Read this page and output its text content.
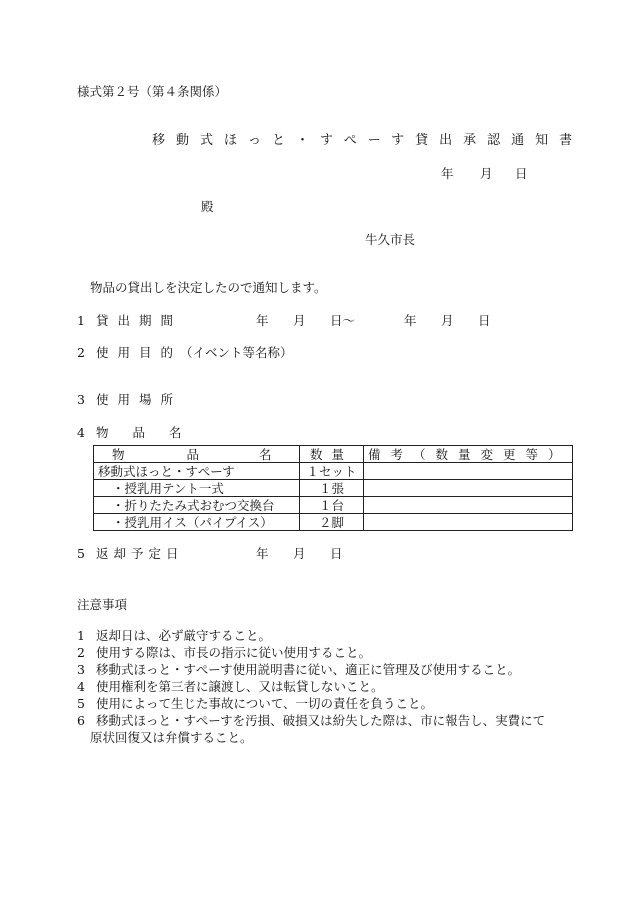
様式第２号（第４条関係）
移動式ほっと・すぺーす貸出承認通知書
年 月 日
殿
牛久市長
物品の貸出しを決定したので通知します。
1 貸出期間	年 月 日～	年 月 日
2 使用目的
（イベント等名称）
3 使用場所
4 物品名
物 品 名	数量	備考（数量変更等）
移動式ほっと・すぺーす	１セット	
・授乳用テント一式	１張	
・折りたたみ式おむつ交換台	１台	
・授乳用イス（パイプイス）	２脚	
5 返却予定日	年 月 日
注意事項
1 返却日は、必ず厳守すること。
2 使用する際は、市長の指示に従い使用すること。
3 移動式ほっと・すぺーす使用説明書に従い、適正に管理及び使用すること。
4 使用権利を第三者に譲渡し、又は転貸しないこと。
5 使用によって生じた事故について、一切の責任を負うこと。
6 移動式ほっと・すぺーすを汚損、破損又は紛失した際は、市に報告し、実費にて
原状回復又は弁償すること。
